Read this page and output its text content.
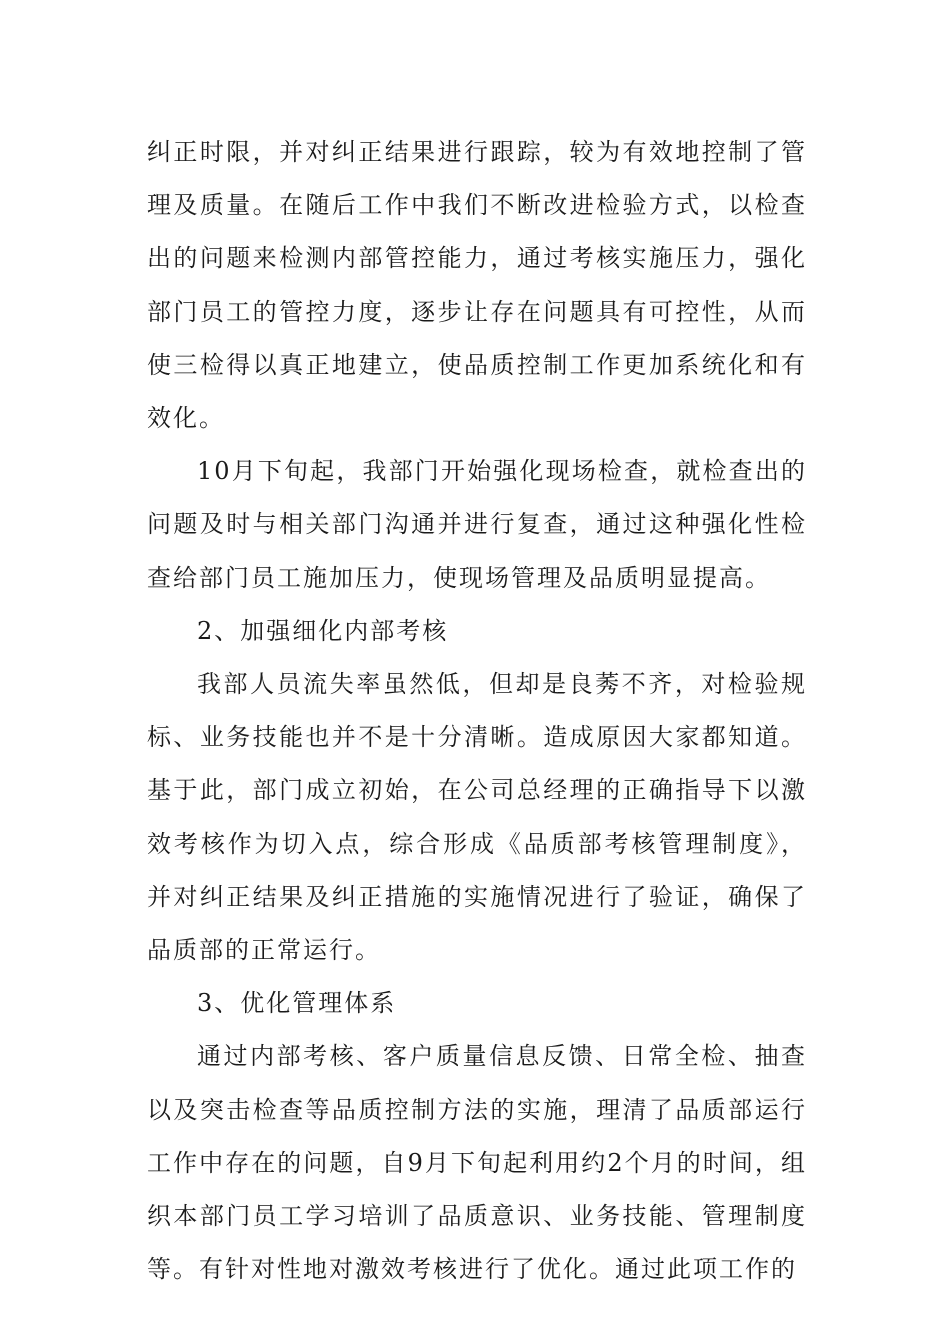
纠正时限，并对纠正结果进行跟踪，较为有效地控制了管理及质量。在随后工作中我们不断改进检验方式，以检查出的问题来检测内部管控能力，通过考核实施压力，强化部门员工的管控力度，逐步让存在问题具有可控性，从而使三检得以真正地建立，使品质控制工作更加系统化和有效化。

10月下旬起，我部门开始强化现场检查，就检查出的问题及时与相关部门沟通并进行复查，通过这种强化性检查给部门员工施加压力，使现场管理及品质明显提高。

2、加强细化内部考核

我部人员流失率虽然低，但却是良莠不齐，对检验规标、业务技能也并不是十分清晰。造成原因大家都知道。基于此，部门成立初始，在公司总经理的正确指导下以激效考核作为切入点，综合形成《品质部考核管理制度》，并对纠正结果及纠正措施的实施情况进行了验证，确保了品质部的正常运行。

3、优化管理体系

通过内部考核、客户质量信息反馈、日常全检、抽查以及突击检查等品质控制方法的实施，理清了品质部运行工作中存在的问题，自9月下旬起利用约2个月的时间，组织本部门员工学习培训了品质意识、业务技能、管理制度等。有针对性地对激效考核进行了优化。通过此项工作的
